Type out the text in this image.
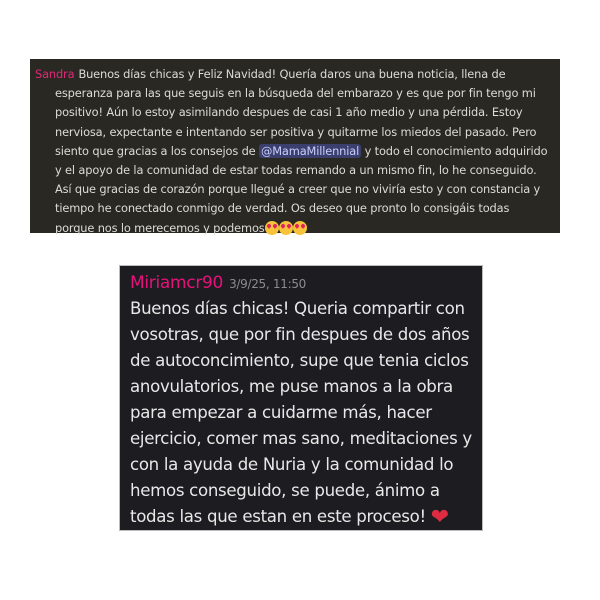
Sandra Buenos días chicas y Feliz Navidad! Quería daros una buena noticia, llena de
esperanza para las que seguis en la búsqueda del embarazo y es que por fin tengo mi
positivo! Aún lo estoy asimilando despues de casi 1 año medio y una pérdida. Estoy
nerviosa, expectante e intentando ser positiva y quitarme los miedos del pasado. Pero
siento que gracias a los consejos de @MamaMillennial y todo el conocimiento adquirido
y el apoyo de la comunidad de estar todas remando a un mismo fin, lo he conseguido.
Así que gracias de corazón porque llegué a creer que no viviría esto y con constancia y
tiempo he conectado conmigo de verdad. Os deseo que pronto lo consigáis todas
porque nos lo merecemos y podemos
Miriamcr90 3/9/25, 11:50
Buenos días chicas! Queria compartir con
vosotras, que por fin despues de dos años
de autoconcimiento, supe que tenia ciclos
anovulatorios, me puse manos a la obra
para empezar a cuidarme más, hacer
ejercicio, comer mas sano, meditaciones y
con la ayuda de Nuria y la comunidad lo
hemos conseguido, se puede, ánimo a
todas las que estan en este proceso! ❤
